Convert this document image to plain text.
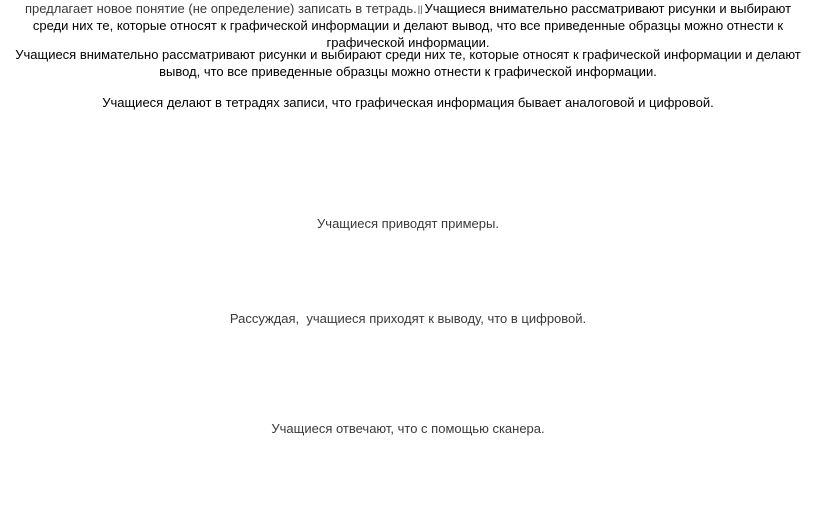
предлагает новое понятие (не определение) записать в тетрадь.|| Учащиеся внимательно рассматривают рисунки и выбирают среди них те, которые относят к графической информации и делают вывод, что все приведенные образцы можно отнести к графической информации.
Учащиеся внимательно рассматривают рисунки и выбирают среди них те, которые относят к графической информации и делают вывод, что все приведенные образцы можно отнести к графической информации.
Учащиеся делают в тетрадях записи, что графическая информация бывает аналоговой и цифровой.
Учащиеся приводят примеры.
Рассуждая,  учащиеся приходят к выводу, что в цифровой.
Учащиеся отвечают, что с помощью сканера.
